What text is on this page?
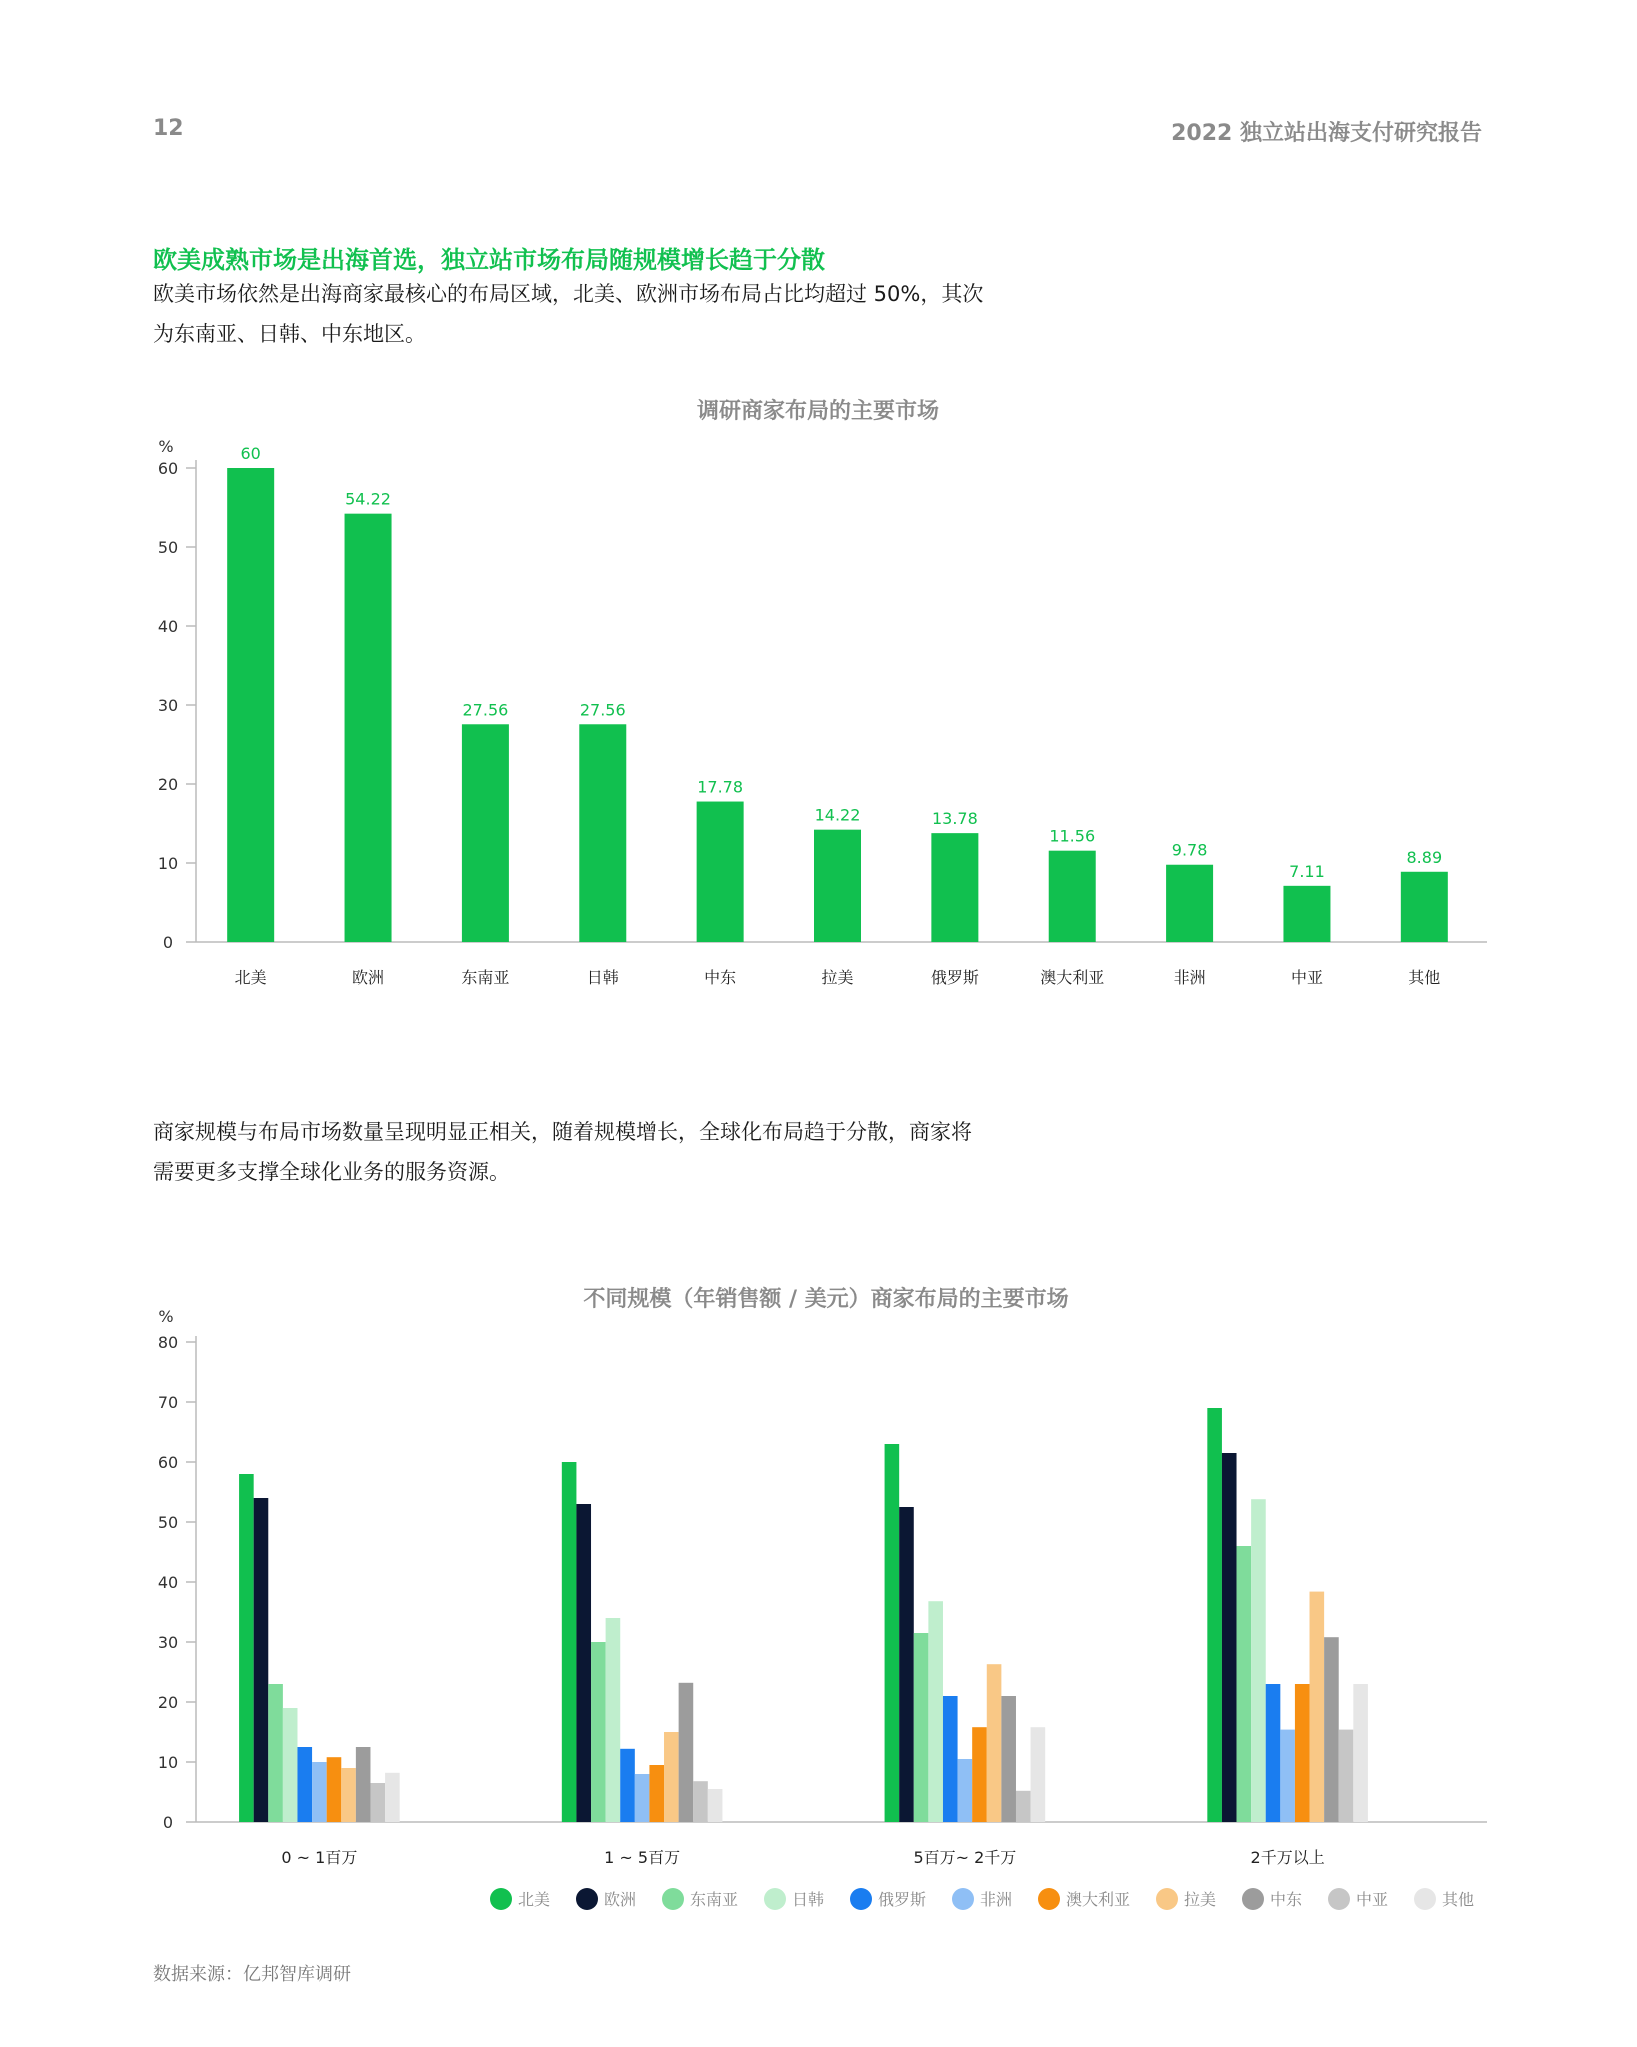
12	2022 独立站出海支付研究报告
欧美成熟市场是出海首选，独立站市场布局随规模增长趋于分散
欧美市场依然是出海商家最核心的布局区域，北美、欧洲市场布局占比均超过 50%，其次
为东南亚、日韩、中东地区。
调研商家布局的主要市场
%
0
10
20
30
40
50
60
60
北美
54.22
欧洲
27.56
东南亚
27.56
日韩
17.78
中东
14.22
拉美
13.78
俄罗斯
11.56
澳大利亚
9.78
非洲
7.11
中亚
8.89
其他
商家规模与布局市场数量呈现明显正相关，随着规模增长，全球化布局趋于分散，商家将
需要更多支撑全球化业务的服务资源。
不同规模（年销售额 / 美元）商家布局的主要市场
%
0
10
20
30
40
50
60
70
80
0 ~ 1百万	1 ~ 5百万	5百万~ 2千万	2千万以上
北美	欧洲	东南亚	日韩	俄罗斯	非洲	澳大利亚	拉美	中东	中亚	其他
数据来源：亿邦智库调研
